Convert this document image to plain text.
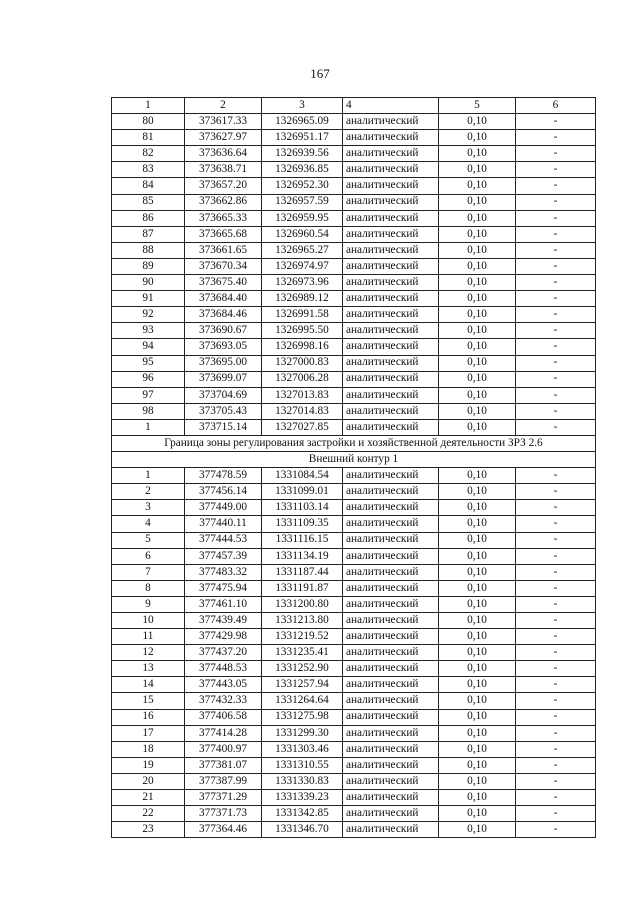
167
1	2	3	4	5	6
80	373617.33	1326965.09	аналитический	0,10	-
81	373627.97	1326951.17	аналитический	0,10	-
82	373636.64	1326939.56	аналитический	0,10	-
83	373638.71	1326936.85	аналитический	0,10	-
84	373657.20	1326952.30	аналитический	0,10	-
85	373662.86	1326957.59	аналитический	0,10	-
86	373665.33	1326959.95	аналитический	0,10	-
87	373665.68	1326960.54	аналитический	0,10	-
88	373661.65	1326965.27	аналитический	0,10	-
89	373670.34	1326974.97	аналитический	0,10	-
90	373675.40	1326973.96	аналитический	0,10	-
91	373684.40	1326989.12	аналитический	0,10	-
92	373684.46	1326991.58	аналитический	0,10	-
93	373690.67	1326995.50	аналитический	0,10	-
94	373693.05	1326998.16	аналитический	0,10	-
95	373695.00	1327000.83	аналитический	0,10	-
96	373699.07	1327006.28	аналитический	0,10	-
97	373704.69	1327013.83	аналитический	0,10	-
98	373705.43	1327014.83	аналитический	0,10	-
1	373715.14	1327027.85	аналитический	0,10	-
Граница зоны регулирования застройки и хозяйственной деятельности ЗРЗ 2.6					
Внешний контур 1					
1	377478.59	1331084.54	аналитический	0,10	-
2	377456.14	1331099.01	аналитический	0,10	-
3	377449.00	1331103.14	аналитический	0,10	-
4	377440.11	1331109.35	аналитический	0,10	-
5	377444.53	1331116.15	аналитический	0,10	-
6	377457.39	1331134.19	аналитический	0,10	-
7	377483.32	1331187.44	аналитический	0,10	-
8	377475.94	1331191.87	аналитический	0,10	-
9	377461.10	1331200.80	аналитический	0,10	-
10	377439.49	1331213.80	аналитический	0,10	-
11	377429.98	1331219.52	аналитический	0,10	-
12	377437.20	1331235.41	аналитический	0,10	-
13	377448.53	1331252.90	аналитический	0,10	-
14	377443.05	1331257.94	аналитический	0,10	-
15	377432.33	1331264.64	аналитический	0,10	-
16	377406.58	1331275.98	аналитический	0,10	-
17	377414.28	1331299.30	аналитический	0,10	-
18	377400.97	1331303.46	аналитический	0,10	-
19	377381.07	1331310.55	аналитический	0,10	-
20	377387.99	1331330.83	аналитический	0,10	-
21	377371.29	1331339.23	аналитический	0,10	-
22	377371.73	1331342.85	аналитический	0,10	-
23	377364.46	1331346.70	аналитический	0,10	-
